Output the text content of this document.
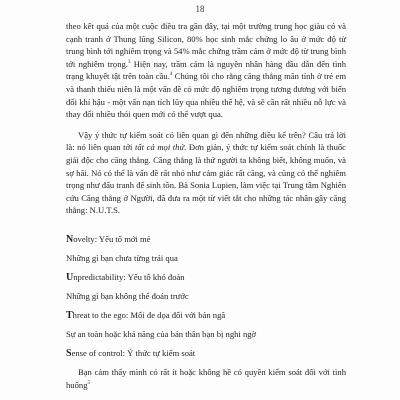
18

theo kết quả của một cuộc điều tra gần đây, tại một trường trung học giàu có và cạnh tranh ở Thung lũng Silicon, 80% học sinh mắc chứng lo âu ở mức độ từ trung bình tới nghiêm trọng và 54% mắc chứng trầm cảm ở mức độ từ trung bình tới nghiêm trọng.$^3$ Hiện nay, trầm cảm là nguyên nhân hàng đầu dẫn đến tình trạng khuyết tật trên toàn cầu.$^4$ Chúng tôi cho rằng căng thẳng mãn tính ở trẻ em và thanh thiếu niên là một vấn đề có mức độ nghiêm trọng tương đương với biến đổi khí hậu - một vấn nạn tích lũy qua nhiều thế hệ, và sẽ cần rất nhiều nỗ lực và thay đổi nhiều thói quen mới có thể vượt qua.

Vậy ý thức tự kiểm soát có liên quan gì đến những điều kể trên? Câu trả lời là: nó liên quan tới tất cả mọi thứ. Đơn giản, ý thức tự kiểm soát chính là thuốc giải độc cho căng thẳng. Căng thẳng là thứ người ta không biết, không muốn, và sợ hãi. Nó có thể là vấn đề rất nhỏ như cảm giác rất căng, và cũng có thể nghiêm trọng như đấu tranh để sinh tồn. Bà Sonia Lupien, làm việc tại Trung tâm Nghiên cứu Căng thẳng ở Người, đã đưa ra một từ viết tắt cho những tác nhân gây căng thẳng: N.U.T.S.

Novelty: Yếu tố mới mẻ

Những gì bạn chưa từng trải qua

Unpredictability: Yếu tố khó đoán

Những gì bạn không thể đoán trước

Threat to the ego: Mối đe dọa đối với bản ngã

Sự an toàn hoặc khả năng của bản thân bạn bị nghi ngờ

Sense of control: Ý thức tự kiểm soát

Bạn cảm thấy mình có rất ít hoặc không hề có quyền kiểm soát đối với tình huống$^5$
